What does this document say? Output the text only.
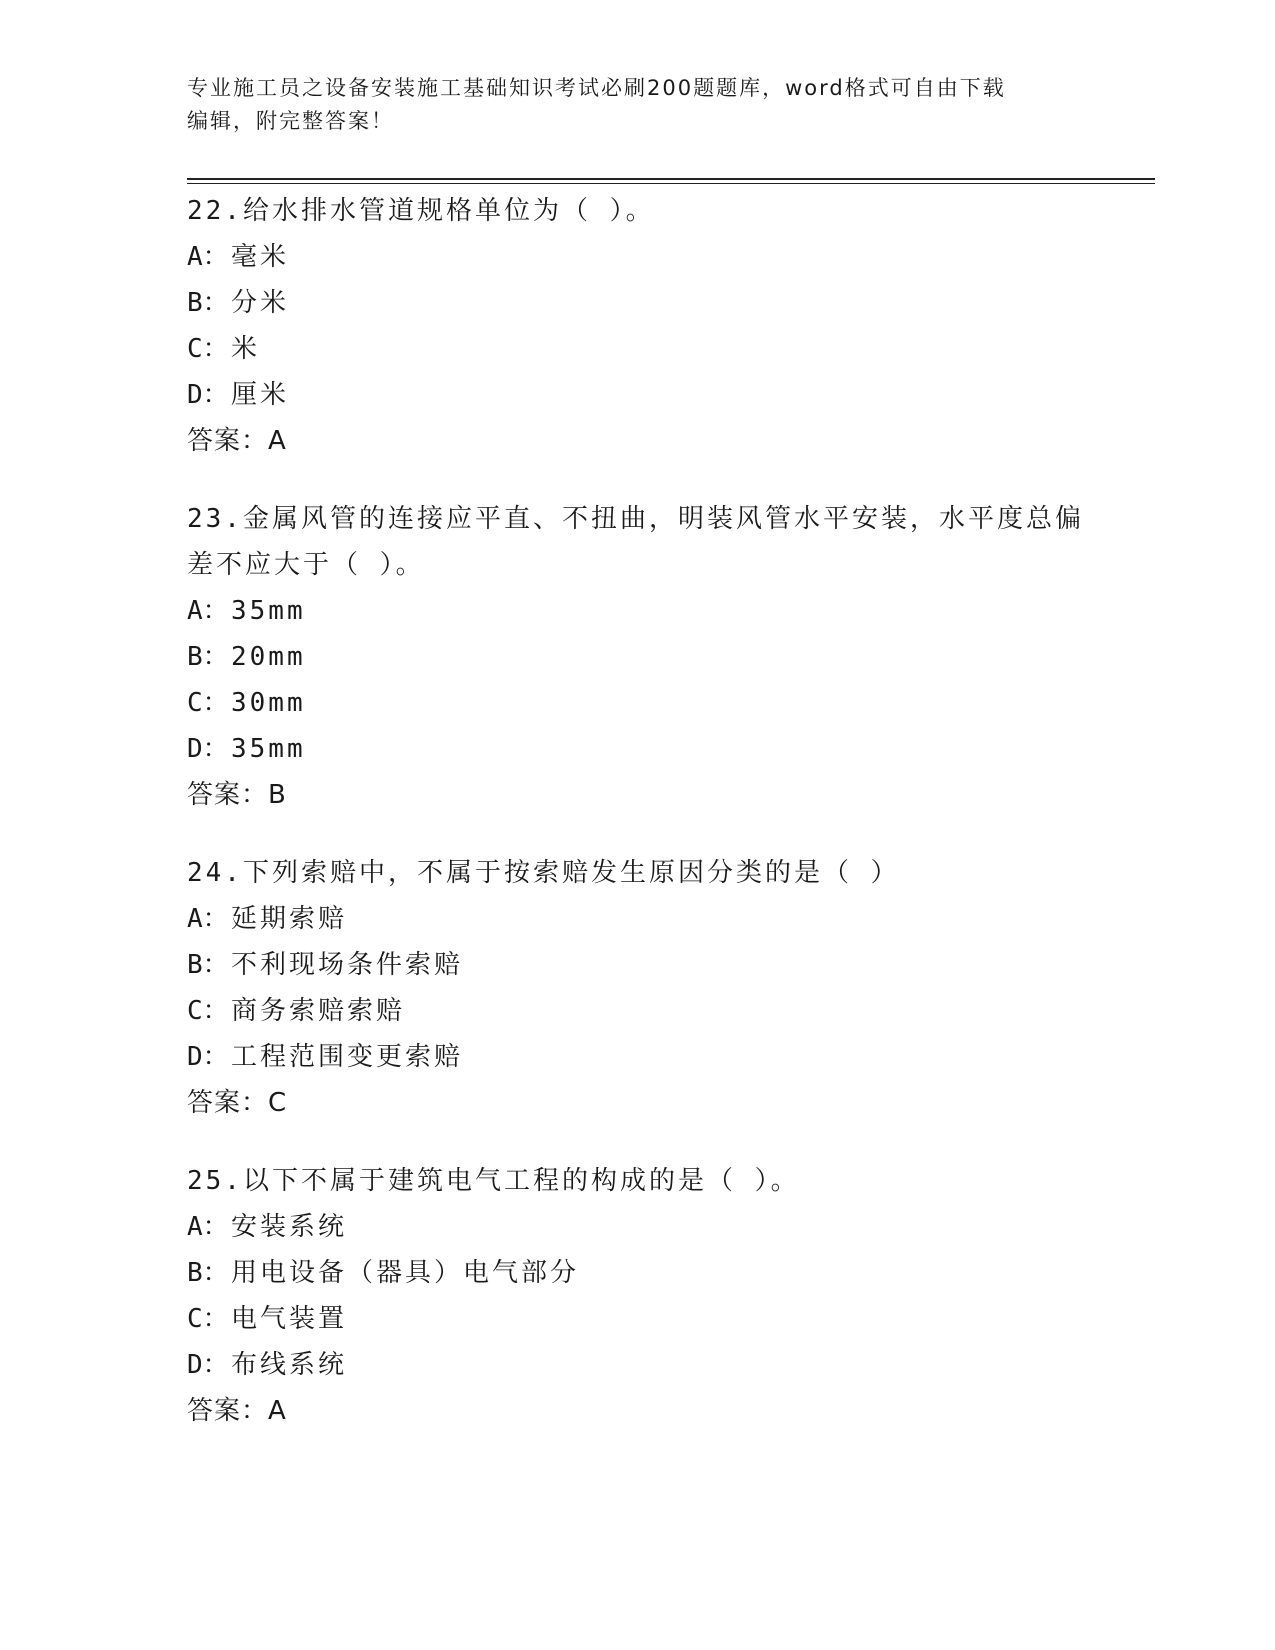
专业施工员之设备安装施工基础知识考试必刷200题题库，word格式可自由下载
编辑，附完整答案！

22.给水排水管道规格单位为（ ）。

A：毫米
B：分米
C：米
D：厘米
答案：A

23.金属风管的连接应平直、不扭曲，明装风管水平安装，水平度总偏差不应大于（ ）。

A：35mm
B：20mm
C：30mm
D：35mm
答案：B

24.下列索赔中，不属于按索赔发生原因分类的是（ ）

A：延期索赔
B：不利现场条件索赔
C：商务索赔索赔
D：工程范围变更索赔
答案：C

25.以下不属于建筑电气工程的构成的是（ ）。

A：安装系统
B：用电设备（器具）电气部分
C：电气装置
D：布线系统
答案：A
